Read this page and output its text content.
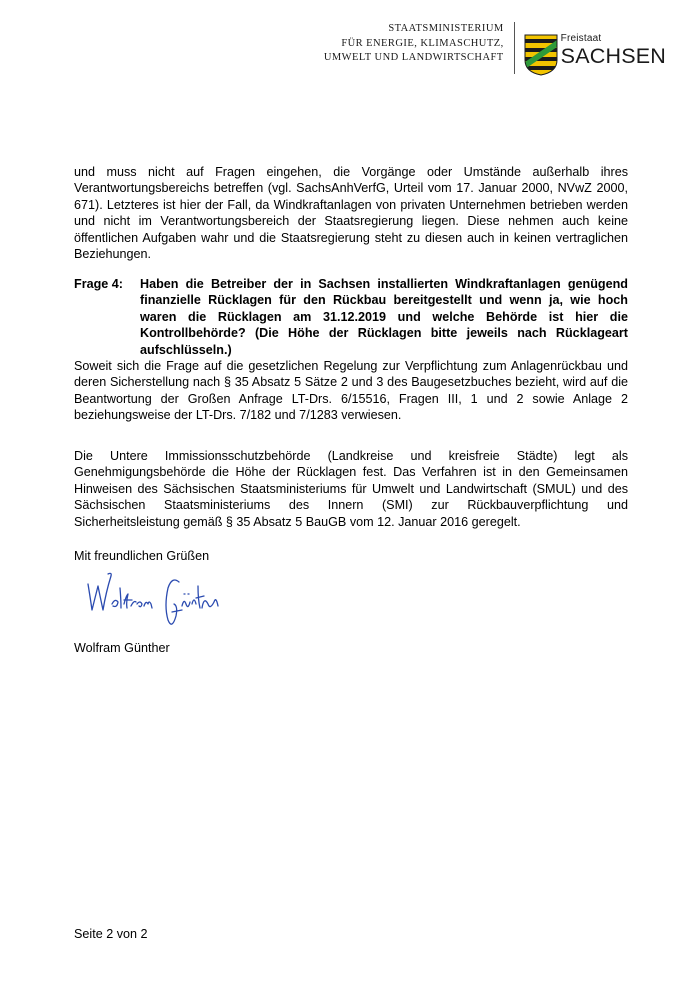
STAATSMINISTERIUM
FÜR ENERGIE, KLIMASCHUTZ,
UMWELT UND LANDWIRTSCHAFT
Freistaat
SACHSEN

und muss nicht auf Fragen eingehen, die Vorgänge oder Umstände außerhalb ihres Verantwortungsbereichs betreffen (vgl. SachsAnhVerfG, Urteil vom 17. Januar 2000, NVwZ 2000, 671). Letzteres ist hier der Fall, da Windkraftanlagen von privaten Unternehmen betrieben werden und nicht im Verantwortungsbereich der Staatsregierung liegen. Diese nehmen auch keine öffentlichen Aufgaben wahr und die Staatsregierung steht zu diesen auch in keinen vertraglichen Beziehungen.

Frage 4:	Haben die Betreiber der in Sachsen installierten Windkraftanlagen genügend finanzielle Rücklagen für den Rückbau bereitgestellt und wenn ja, wie hoch waren die Rücklagen am 31.12.2019 und welche Behörde ist hier die Kontrollbehörde? (Die Höhe der Rücklagen bitte jeweils nach Rücklageart aufschlüsseln.)

Soweit sich die Frage auf die gesetzlichen Regelung zur Verpflichtung zum Anlagenrückbau und deren Sicherstellung nach § 35 Absatz 5 Sätze 2 und 3 des Baugesetzbuches bezieht, wird auf die Beantwortung der Großen Anfrage LT-Drs. 6/15516, Fragen III, 1 und 2 sowie Anlage 2 beziehungsweise der LT-Drs. 7/182 und 7/1283 verwiesen.

Die Untere Immissionsschutzbehörde (Landkreise und kreisfreie Städte) legt als Genehmigungsbehörde die Höhe der Rücklagen fest. Das Verfahren ist in den Gemeinsamen Hinweisen des Sächsischen Staatsministeriums für Umwelt und Landwirtschaft (SMUL) und des Sächsischen Staatsministeriums des Innern (SMI) zur Rückbauverpflichtung und Sicherheitsleistung gemäß § 35 Absatz 5 BauGB vom 12. Januar 2016 geregelt.

Mit freundlichen Grüßen

Wolfram Günther

Seite 2 von 2
